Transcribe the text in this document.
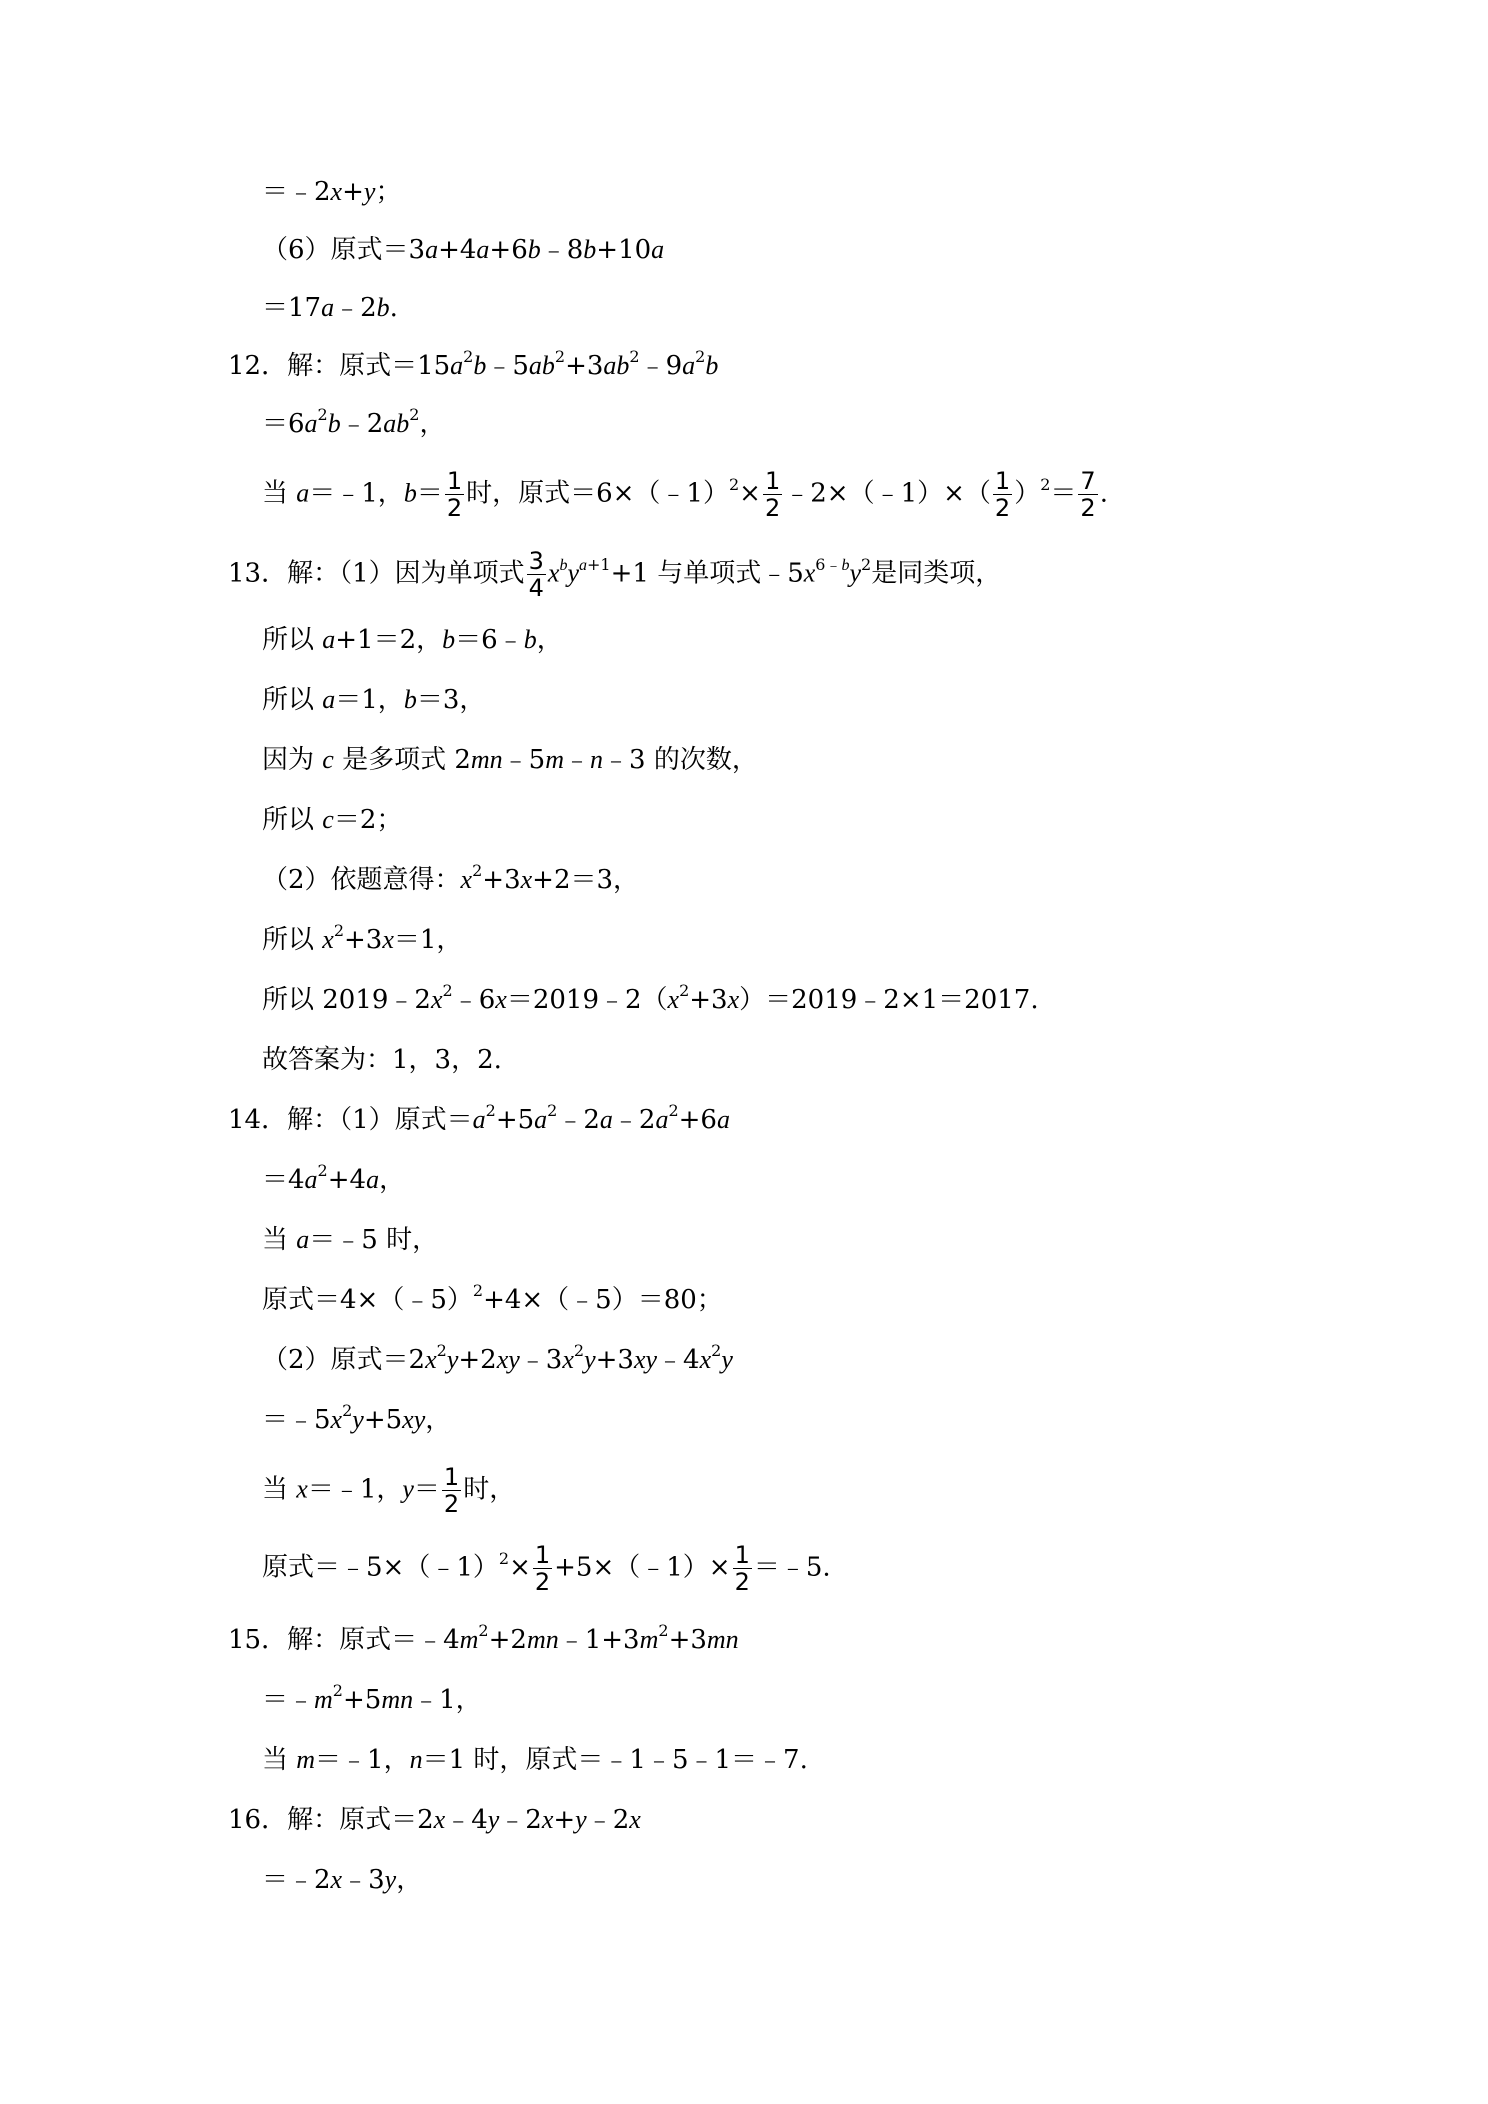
＝﹣2x+y；
（6）原式＝3a+4a+6b﹣8b+10a
＝17a﹣2b.
12．解：原式$=15a^2b﹣5ab^2+3ab^2﹣9a^2b$
$=6a^2b﹣2ab^2$，
当 a＝﹣1，$b= \frac{1}{2}$ 时，原式＝6×（﹣1）$^2$× $\frac{1}{2}$ ﹣2×（﹣1）×（ $\frac{1}{2} )^2= \frac{7}{2}$ .
13．解：（1）因为单项式 $\frac{3}{4} x^by^{a+1}+1$ 与单项式$﹣5x^{6﹣b}y^2$是同类项，
所以 a+1＝2，b＝6﹣b，
所以 a＝1，b＝3，
因为 c 是多项式 2mn﹣5m﹣n﹣3 的次数，
所以 c＝2；
（2）依题意得：$x^2+3x+2=3$，
所以 $x^2+3x=1$，
所以 $2019﹣2x^2﹣6x=2019﹣2(x^2+3x)=2019﹣2\times 1=2017$.
故答案为：1，3，2.
14．解：（1）原式$=a^2+5a^2﹣2a﹣2a^2+6a$
$=4a^2+4a$，
当 a＝﹣5 时，
原式＝4×（﹣5）$^2$+4×（﹣5）＝80；
（2）原式$=2x^2y+2xy﹣3x^2y+3xy﹣4x^2y$
$=﹣5x^2y+5xy$，
当 x＝﹣1，$y= \frac{1}{2}$ 时，
原式＝﹣5×（﹣1）$^2$× $\frac{1}{2}$ +5×（﹣1）× $\frac{1}{2}$ ＝﹣5.
15．解：原式$=﹣4m^2+2mn﹣1+3m^2+3mn$
$=﹣m^2+5mn﹣1$，
当 m＝﹣1，n＝1 时，原式＝﹣1﹣5﹣1＝﹣7.
16．解：原式＝2x﹣4y﹣2x+y﹣2x
＝﹣2x﹣3y，
